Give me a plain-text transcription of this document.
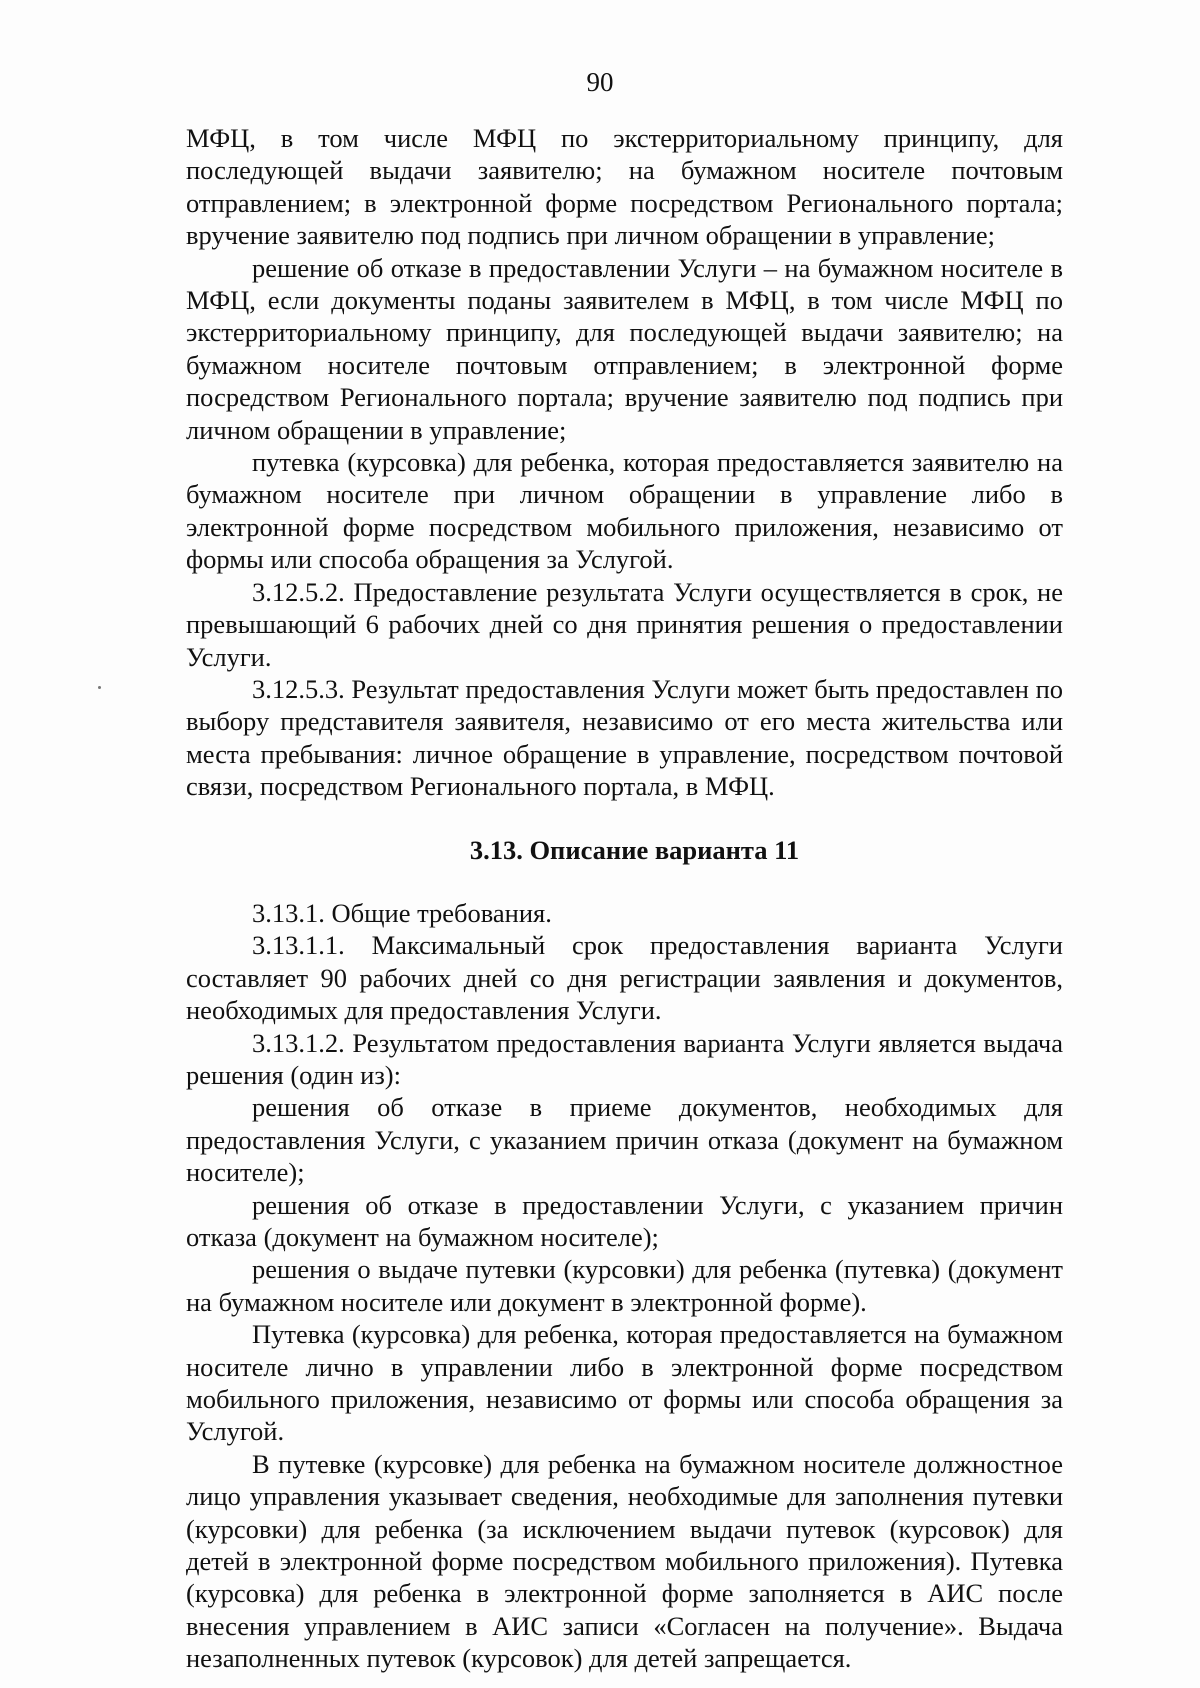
90

МФЦ, в том числе МФЦ по экстерриториальному принципу, для последующей выдачи заявителю; на бумажном носителе почтовым отправлением; в электронной форме посредством Регионального портала; вручение заявителю под подпись при личном обращении в управление;

решение об отказе в предоставлении Услуги – на бумажном носителе в МФЦ, если документы поданы заявителем в МФЦ, в том числе МФЦ по экстерриториальному принципу, для последующей выдачи заявителю; на бумажном носителе почтовым отправлением; в электронной форме посредством Регионального портала; вручение заявителю под подпись при личном обращении в управление;

путевка (курсовка) для ребенка, которая предоставляется заявителю на бумажном носителе при личном обращении в управление либо в электронной форме посредством мобильного приложения, независимо от формы или способа обращения за Услугой.

3.12.5.2. Предоставление результата Услуги осуществляется в срок, не превышающий 6 рабочих дней со дня принятия решения о предоставлении Услуги.

3.12.5.3. Результат предоставления Услуги может быть предоставлен по выбору представителя заявителя, независимо от его места жительства или места пребывания: личное обращение в управление, посредством почтовой связи, посредством Регионального портала, в МФЦ.

3.13. Описание варианта 11

3.13.1. Общие требования.

3.13.1.1. Максимальный срок предоставления варианта Услуги составляет 90 рабочих дней со дня регистрации заявления и документов, необходимых для предоставления Услуги.

3.13.1.2. Результатом предоставления варианта Услуги является выдача решения (один из):

решения об отказе в приеме документов, необходимых для предоставления Услуги, с указанием причин отказа (документ на бумажном носителе);

решения об отказе в предоставлении Услуги, с указанием причин отказа (документ на бумажном носителе);

решения о выдаче путевки (курсовки) для ребенка (путевка) (документ на бумажном носителе или документ в электронной форме).

Путевка (курсовка) для ребенка, которая предоставляется на бумажном носителе лично в управлении либо в электронной форме посредством мобильного приложения, независимо от формы или способа обращения за Услугой.

В путевке (курсовке) для ребенка на бумажном носителе должностное лицо управления указывает сведения, необходимые для заполнения путевки (курсовки) для ребенка (за исключением выдачи путевок (курсовок) для детей в электронной форме посредством мобильного приложения). Путевка (курсовка) для ребенка в электронной форме заполняется в АИС после внесения управлением в АИС записи «Согласен на получение». Выдача незаполненных путевок (курсовок) для детей запрещается.
